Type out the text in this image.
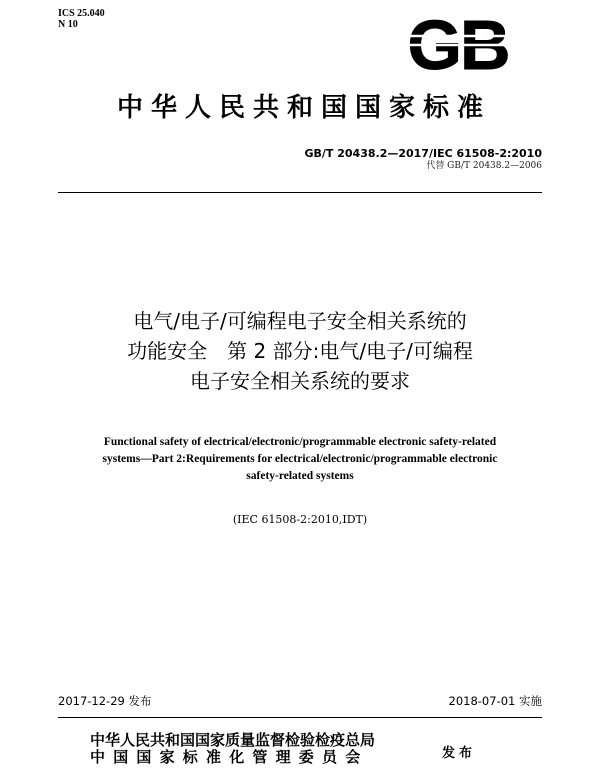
ICS 25.040
N 10	GB
中华人民共和国国家标准
GB/T 20438.2—2017/IEC 61508-2:2010
代替 GB/T 20438.2—2006
电气/电子/可编程电子安全相关系统的
功能安全　第 2 部分:电气/电子/可编程
电子安全相关系统的要求
Functional safety of electrical/electronic/programmable electronic safety-related
systems—Part 2:Requirements for electrical/electronic/programmable electronic
safety-related systems
(IEC 61508-2:2010,IDT)
2017-12-29 发布	2018-07-01 实施
中华人民共和国国家质量监督检验检疫总局
中国国家标准化管理委员会	发布
